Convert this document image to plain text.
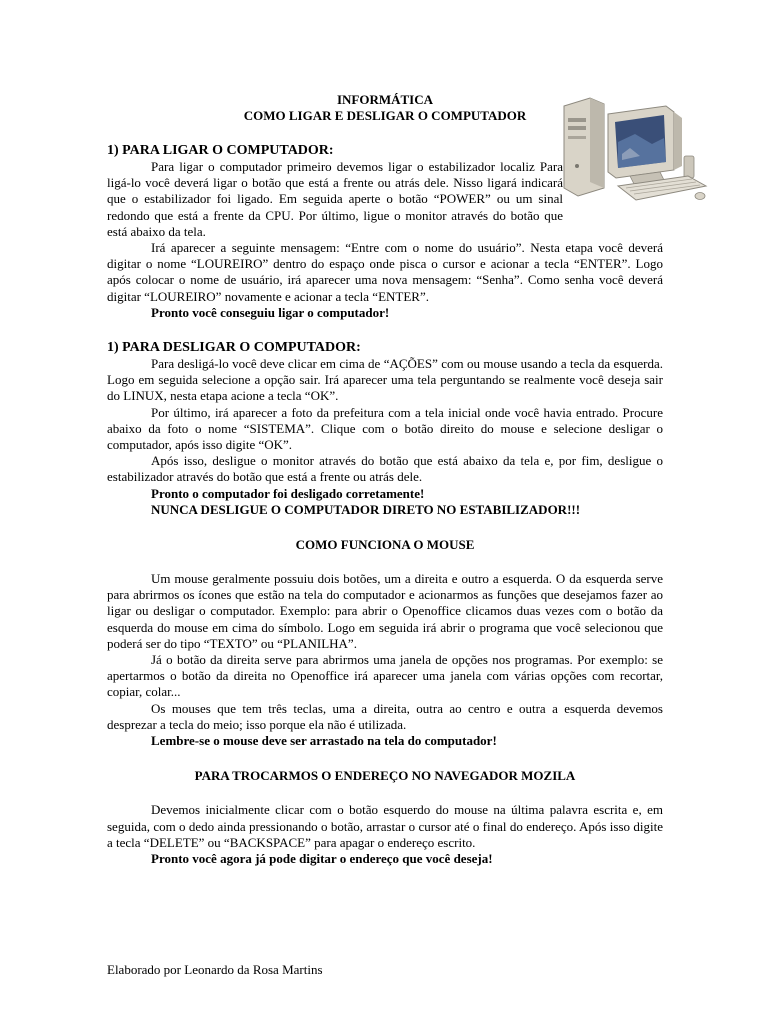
INFORMÁTICA

COMO LIGAR E DESLIGAR O COMPUTADOR

1) PARA LIGAR O COMPUTADOR:

Para ligar o computador primeiro devemos ligar o estabilizador localiz Para ligá-lo você deverá ligar o botão que está a frente ou atrás dele. Nisso ligará indicará que o estabilizador foi ligado. Em seguida aperte o botão “POWER” ou um sinal redondo que está a frente da CPU. Por último, ligue o monitor através do botão que está abaixo da tela.

Irá aparecer a seguinte mensagem: “Entre com o nome do usuário”. Nesta etapa você deverá digitar o nome “LOUREIRO” dentro do espaço onde pisca o cursor e acionar a tecla “ENTER”. Logo após colocar o nome de usuário, irá aparecer uma nova mensagem: “Senha”. Como senha você deverá digitar “LOUREIRO” novamente e acionar a tecla “ENTER”.

Pronto você conseguiu ligar o computador!

1) PARA DESLIGAR O COMPUTADOR:

Para desligá-lo você deve clicar em cima de “AÇÕES” com ou mouse usando a tecla da esquerda. Logo em seguida selecione a opção sair. Irá aparecer uma tela perguntando se realmente você deseja sair do LINUX, nesta etapa acione a tecla “OK”.

Por último, irá aparecer a foto da prefeitura com a tela inicial onde você havia entrado. Procure abaixo da foto o nome “SISTEMA”. Clique com o botão direito do mouse e selecione desligar o computador, após isso digite “OK”.

Após isso, desligue o monitor através do botão que está abaixo da tela e, por fim, desligue o estabilizador através do botão que está a frente ou atrás dele.

Pronto o computador foi desligado corretamente!

NUNCA DESLIGUE O COMPUTADOR DIRETO NO ESTABILIZADOR!!!

COMO FUNCIONA O MOUSE

Um mouse geralmente possuiu dois botões, um a direita e outro a esquerda. O da esquerda serve para abrirmos os ícones que estão na tela do computador e acionarmos as funções que desejamos fazer ao ligar ou desligar o computador. Exemplo: para abrir o Openoffice clicamos duas vezes com o botão da esquerda do mouse em cima do símbolo. Logo em seguida irá abrir o programa que você selecionou que poderá ser do tipo “TEXTO” ou “PLANILHA”.

Já o botão da direita serve para abrirmos uma janela de opções nos programas. Por exemplo: se apertarmos o botão da direita no Openoffice irá aparecer uma janela com várias opções com recortar, copiar, colar...

Os mouses que tem três teclas, uma a direita, outra ao centro e outra a esquerda devemos desprezar a tecla do meio; isso porque ela não é utilizada.

Lembre-se o mouse deve ser arrastado na tela do computador!

PARA TROCARMOS O ENDEREÇO NO NAVEGADOR MOZILA

Devemos inicialmente clicar com o botão esquerdo do mouse na última palavra escrita e, em seguida, com o dedo ainda pressionando o botão, arrastar o cursor até o final do endereço. Após isso digite a tecla “DELETE” ou “BACKSPACE” para apagar o endereço escrito.

Pronto você agora já pode digitar o endereço que você deseja!

Elaborado por Leonardo da Rosa Martins
